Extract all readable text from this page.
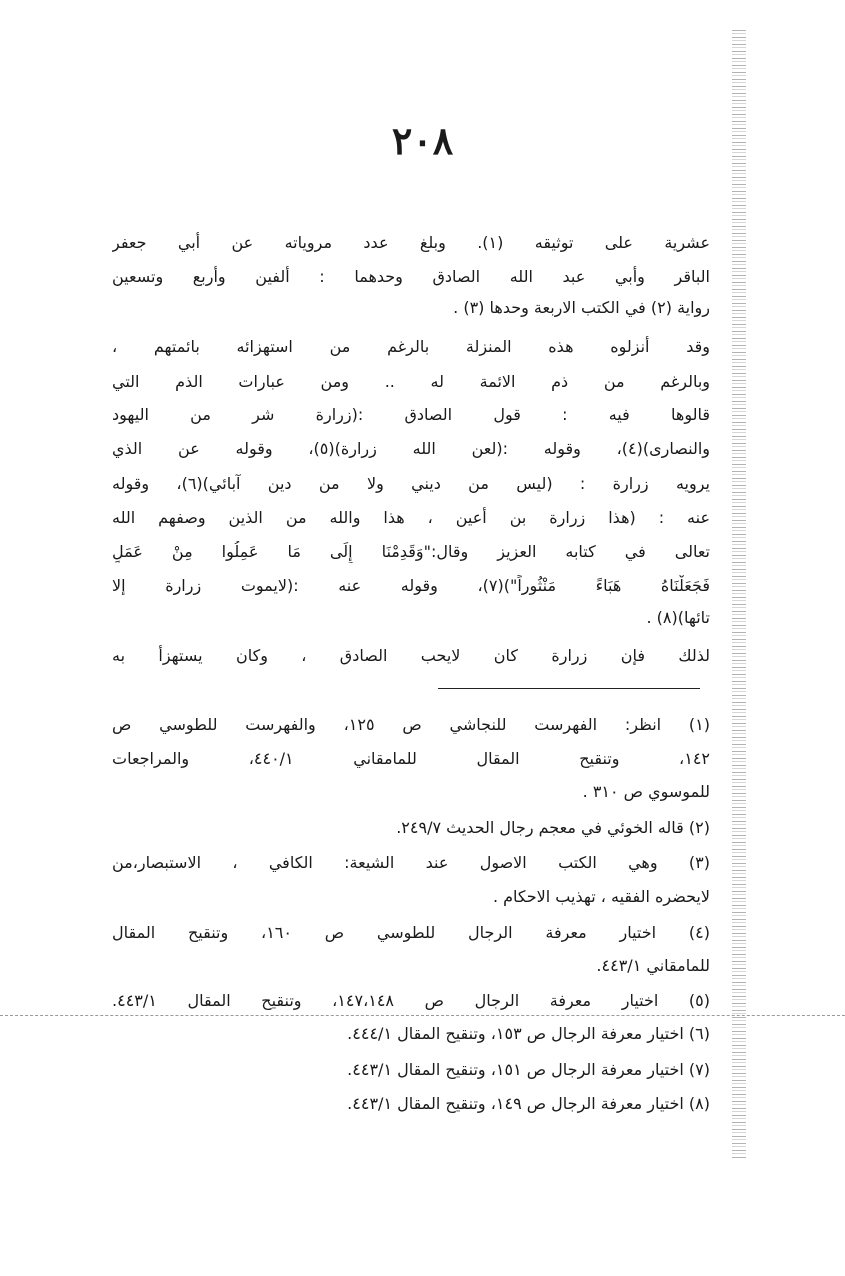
٢٠٨
عشرية على توثيقه (١). وبلغ عدد مروياته عن أبي جعفر
الباقر وأبي عبد الله الصادق وحدهما : ألفين وأربع وتسعين
رواية (٢) في الكتب الاربعة وحدها (٣) .
وقد أنزلوه هذه المنزلة بالرغم من استهزائه بائمتهم ،
وبالرغم من ذم الائمة له .. ومن عبارات الذم التي
قالوها فيه : قول الصادق :(زرارة شر من اليهود
والنصارى)(٤)، وقوله :(لعن الله زرارة)(٥)، وقوله عن الذي
يرويه زرارة : (ليس من ديني ولا من دين آبائي)(٦)، وقوله
عنه : (هذا زرارة بن أعين ، هذا والله من الذين وصفهم الله
تعالى في كتابه العزيز وقال:"وَقَدِمْنَا إِلَى مَا عَمِلُوا مِنْ عَمَلٍ
فَجَعَلْنَاهُ هَبَاءً مَنْثُوراً")(٧)، وقوله عنه :(لايموت زرارة إلا
تائها)(٨) .
لذلك فإن زرارة كان لايحب الصادق ، وكان يستهزأ به
(١) انظر: الفهرست للنجاشي ص ١٢٥، والفهرست للطوسي ص
١٤٢، وتنقيح المقال للمامقاني ٤٤٠/١، والمراجعات
للموسوي ص ٣١٠ .
(٢) قاله الخوئي في معجم رجال الحديث ٢٤٩/٧.
(٣) وهي الكتب الاصول عند الشيعة: الكافي ، الاستبصار،من
لايحضره الفقيه ، تهذيب الاحكام .
(٤) اختيار معرفة الرجال للطوسي ص ١٦٠، وتنقيح المقال
للمامقاني ٤٤٣/١.
(٥) اختيار معرفة الرجال ص ١٤٧،١٤٨، وتنقيح المقال ٤٤٣/١.
(٦) اختيار معرفة الرجال ص ١٥٣، وتنقيح المقال ٤٤٤/١.
(٧) اختيار معرفة الرجال ص ١٥١، وتنقيح المقال ٤٤٣/١.
(٨) اختيار معرفة الرجال ص ١٤٩، وتنقيح المقال ٤٤٣/١.
